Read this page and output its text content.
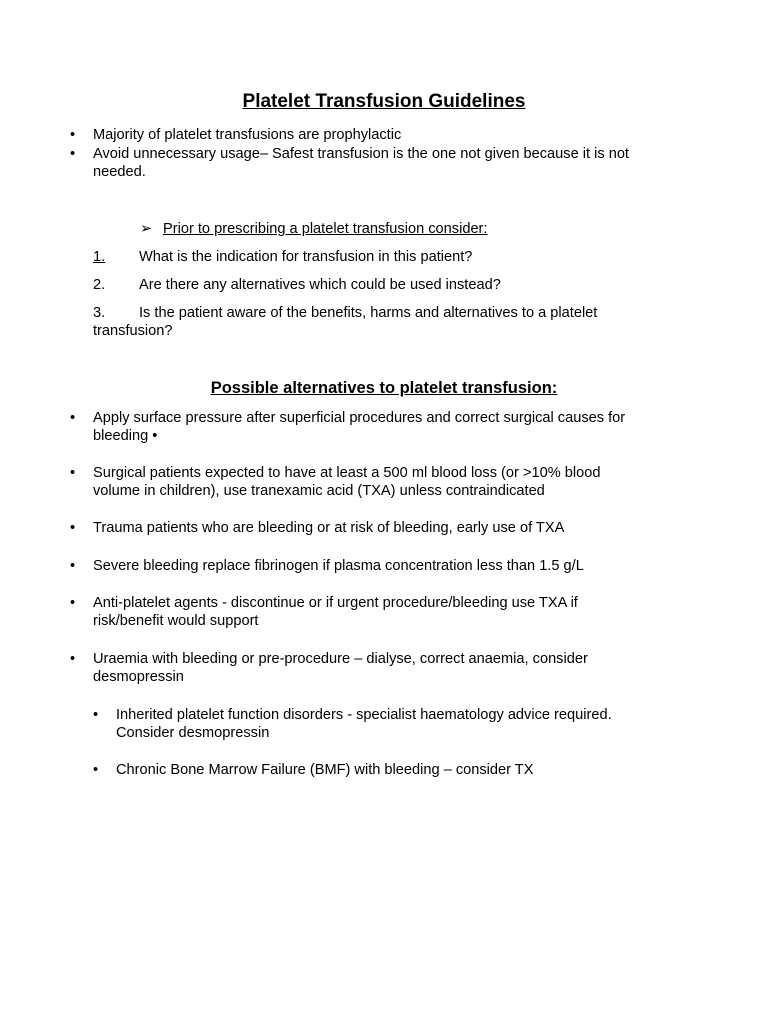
Platelet Transfusion Guidelines
• Majority of platelet transfusions are prophylactic
• Avoid unnecessary usage– Safest transfusion is the one not given because it is not needed.
➢ Prior to prescribing a platelet transfusion consider:
1. What is the indication for transfusion in this patient?
2. Are there any alternatives which could be used instead?
3. Is the patient aware of the benefits, harms and alternatives to a platelet transfusion?
Possible alternatives to platelet transfusion:
• Apply surface pressure after superficial procedures and correct surgical causes for bleeding •
• Surgical patients expected to have at least a 500 ml blood loss (or >10% blood volume in children), use tranexamic acid (TXA) unless contraindicated
• Trauma patients who are bleeding or at risk of bleeding, early use of TXA
• Severe bleeding replace fibrinogen if plasma concentration less than 1.5 g/L
• Anti-platelet agents - discontinue or if urgent procedure/bleeding use TXA if risk/benefit would support
• Uraemia with bleeding or pre-procedure – dialyse, correct anaemia, consider desmopressin
• Inherited platelet function disorders - specialist haematology advice required. Consider desmopressin
• Chronic Bone Marrow Failure (BMF) with bleeding – consider TX
